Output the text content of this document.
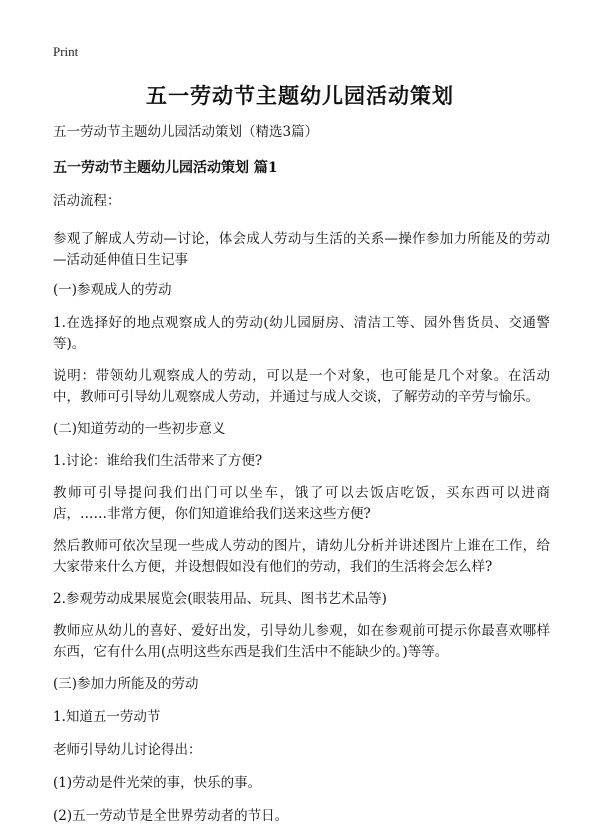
Print
五一劳动节主题幼儿园活动策划

五一劳动节主题幼儿园活动策划（精选3篇）

五一劳动节主题幼儿园活动策划 篇1

活动流程：

参观了解成人劳动—讨论，体会成人劳动与生活的关系—操作参加力所能及的劳动—活动延伸值日生记事

(一)参观成人的劳动

1.在选择好的地点观察成人的劳动(幼儿园厨房、清洁工等、园外售货员、交通警等)。

说明：带领幼儿观察成人的劳动，可以是一个对象，也可能是几个对象。在活动中，教师可引导幼儿观察成人劳动，并通过与成人交谈，了解劳动的辛劳与愉乐。

(二)知道劳动的一些初步意义

1.讨论：谁给我们生活带来了方便?

教师可引导提问我们出门可以坐车，饿了可以去饭店吃饭，买东西可以进商店，……非常方便，你们知道谁给我们送来这些方便?

然后教师可依次呈现一些成人劳动的图片，请幼儿分析并讲述图片上谁在工作，给大家带来什么方便，并设想假如没有他们的劳动，我们的生活将会怎么样?

2.参观劳动成果展览会(眼装用品、玩具、图书艺术品等)

教师应从幼儿的喜好、爱好出发，引导幼儿参观，如在参观前可提示你最喜欢哪样东西，它有什么用(点明这些东西是我们生活中不能缺少的。)等等。

(三)参加力所能及的劳动

1.知道五一劳动节

老师引导幼儿讨论得出：

(1)劳动是件光荣的事，快乐的事。

(2)五一劳动节是全世界劳动者的节日。
